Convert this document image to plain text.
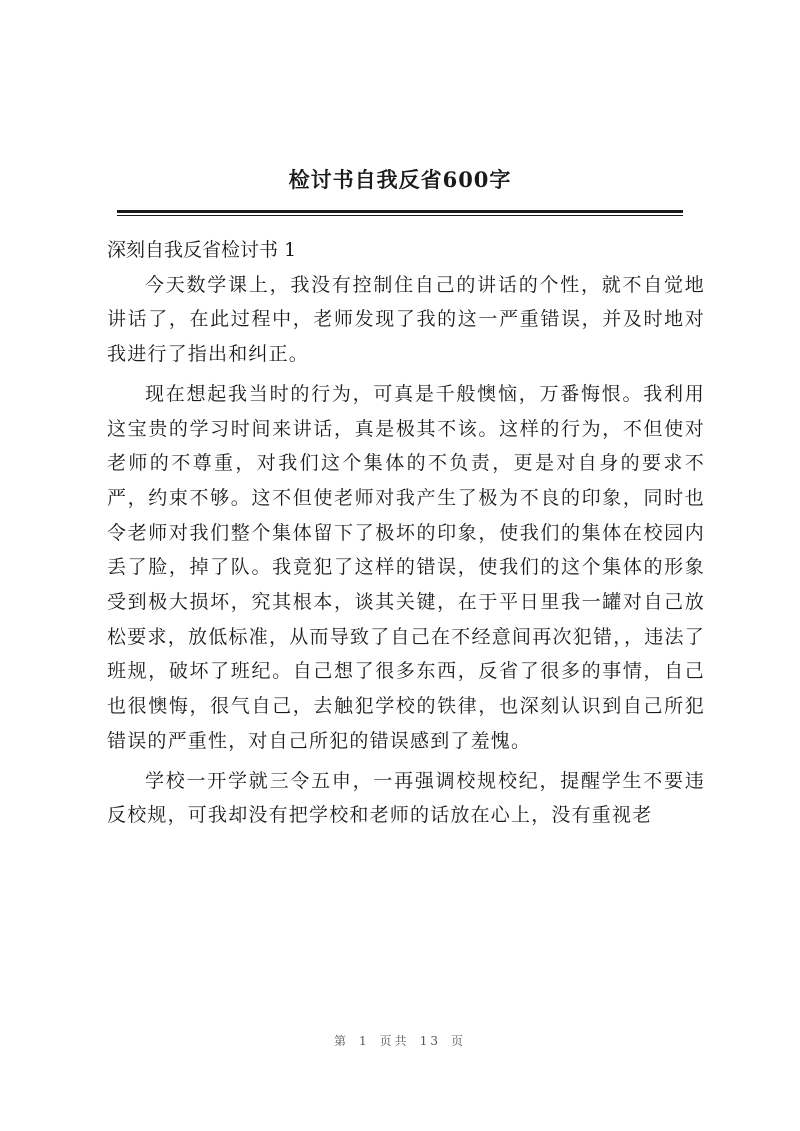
检讨书自我反省600字

深刻自我反省检讨书 1

今天数学课上，我没有控制住自己的讲话的个性，就不自觉地讲话了，在此过程中，老师发现了我的这一严重错误，并及时地对我进行了指出和纠正。

现在想起我当时的行为，可真是千般懊恼，万番悔恨。我利用这宝贵的学习时间来讲话，真是极其不该。这样的行为，不但使对老师的不尊重，对我们这个集体的不负责，更是对自身的要求不严，约束不够。这不但使老师对我产生了极为不良的印象，同时也令老师对我们整个集体留下了极坏的印象，使我们的集体在校园内丢了脸，掉了队。我竟犯了这样的错误，使我们的这个集体的形象受到极大损坏，究其根本，谈其关键，在于平日里我一罐对自己放松要求，放低标准，从而导致了自己在不经意间再次犯错，，违法了班规，破坏了班纪。自己想了很多东西，反省了很多的事情，自己也很懊悔，很气自己，去触犯学校的铁律，也深刻认识到自己所犯错误的严重性，对自己所犯的错误感到了羞愧。

学校一开学就三令五申，一再强调校规校纪，提醒学生不要违反校规，可我却没有把学校和老师的话放在心上，没有重视老

第 1 页共 13 页
